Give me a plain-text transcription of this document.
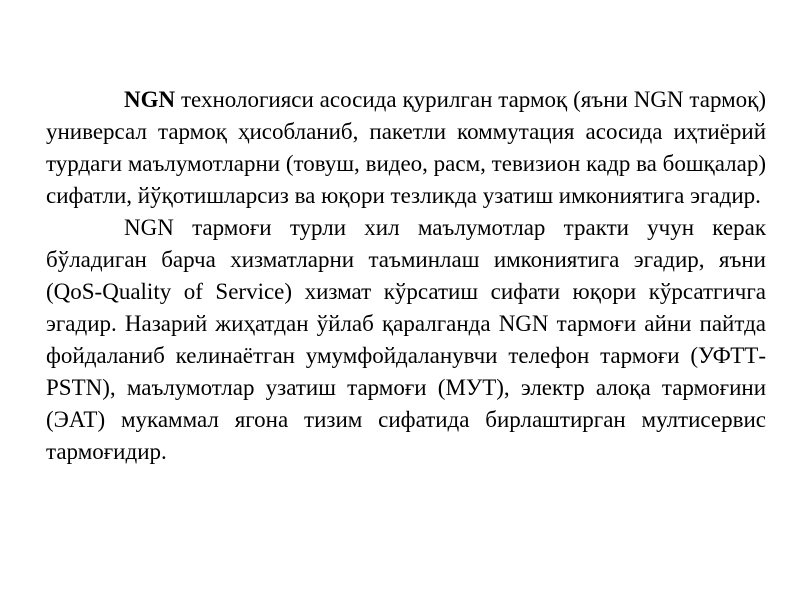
NGN технологияси асосида қурилган тармоқ (яъни NGN тармоқ) универсал тармоқ ҳисобланиб, пакетли коммутация асосида иҳтиёрий турдаги маълумотларни (товуш, видео, расм, тевизион кадр ва бошқалар) сифатли, йўқотишларсиз ва юқори тезликда узатиш имкониятига эгадир.

NGN тармоғи турли хил маълумотлар тракти учун керак бўладиган барча хизматларни таъминлаш имкониятига эгадир, яъни (QoS-Quality of Service) хизмат кўрсатиш сифати юқори кўрсатгичга эгадир. Назарий жиҳатдан ўйлаб қаралганда NGN тармоғи айни пайтда фойдаланиб келинаётган умумфойдаланувчи телефон тармоғи (УФТТ-PSTN), маълумотлар узатиш тармоғи (МУТ), электр алоқа тармоғини (ЭАТ) мукаммал ягона тизим сифатида бирлаштирган мултисервис тармоғидир.
